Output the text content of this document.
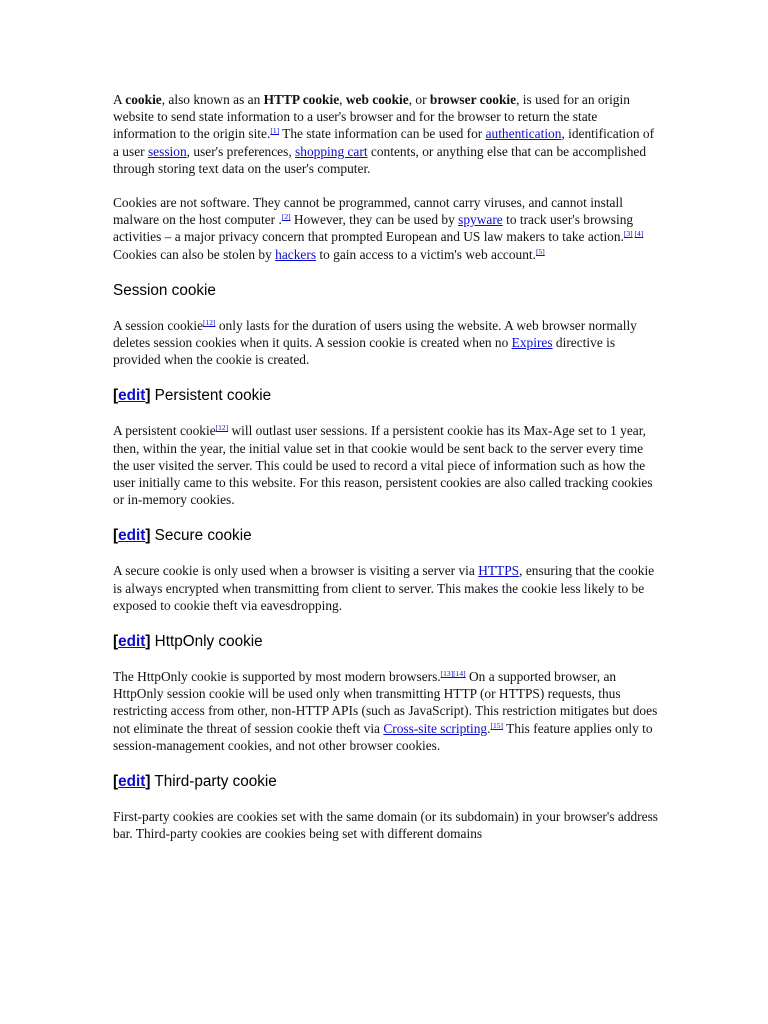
A cookie, also known as an HTTP cookie, web cookie, or browser cookie, is used for an origin website to send state information to a user's browser and for the browser to return the state information to the origin site.[1] The state information can be used for authentication, identification of a user session, user's preferences, shopping cart contents, or anything else that can be accomplished through storing text data on the user's computer.

Cookies are not software. They cannot be programmed, cannot carry viruses, and cannot install malware on the host computer .[2] However, they can be used by spyware to track user's browsing activities – a major privacy concern that prompted European and US law makers to take action.[3] [4] Cookies can also be stolen by hackers to gain access to a victim's web account.[5]

Session cookie

A session cookie[12] only lasts for the duration of users using the website. A web browser normally deletes session cookies when it quits. A session cookie is created when no Expires directive is provided when the cookie is created.

[edit] Persistent cookie

A persistent cookie[12] will outlast user sessions. If a persistent cookie has its Max-Age set to 1 year, then, within the year, the initial value set in that cookie would be sent back to the server every time the user visited the server. This could be used to record a vital piece of information such as how the user initially came to this website. For this reason, persistent cookies are also called tracking cookies or in-memory cookies.

[edit] Secure cookie

A secure cookie is only used when a browser is visiting a server via HTTPS, ensuring that the cookie is always encrypted when transmitting from client to server. This makes the cookie less likely to be exposed to cookie theft via eavesdropping.

[edit] HttpOnly cookie

The HttpOnly cookie is supported by most modern browsers.[13][14] On a supported browser, an HttpOnly session cookie will be used only when transmitting HTTP (or HTTPS) requests, thus restricting access from other, non-HTTP APIs (such as JavaScript). This restriction mitigates but does not eliminate the threat of session cookie theft via Cross-site scripting.[15] This feature applies only to session-management cookies, and not other browser cookies.

[edit] Third-party cookie

First-party cookies are cookies set with the same domain (or its subdomain) in your browser's address bar. Third-party cookies are cookies being set with different domains
